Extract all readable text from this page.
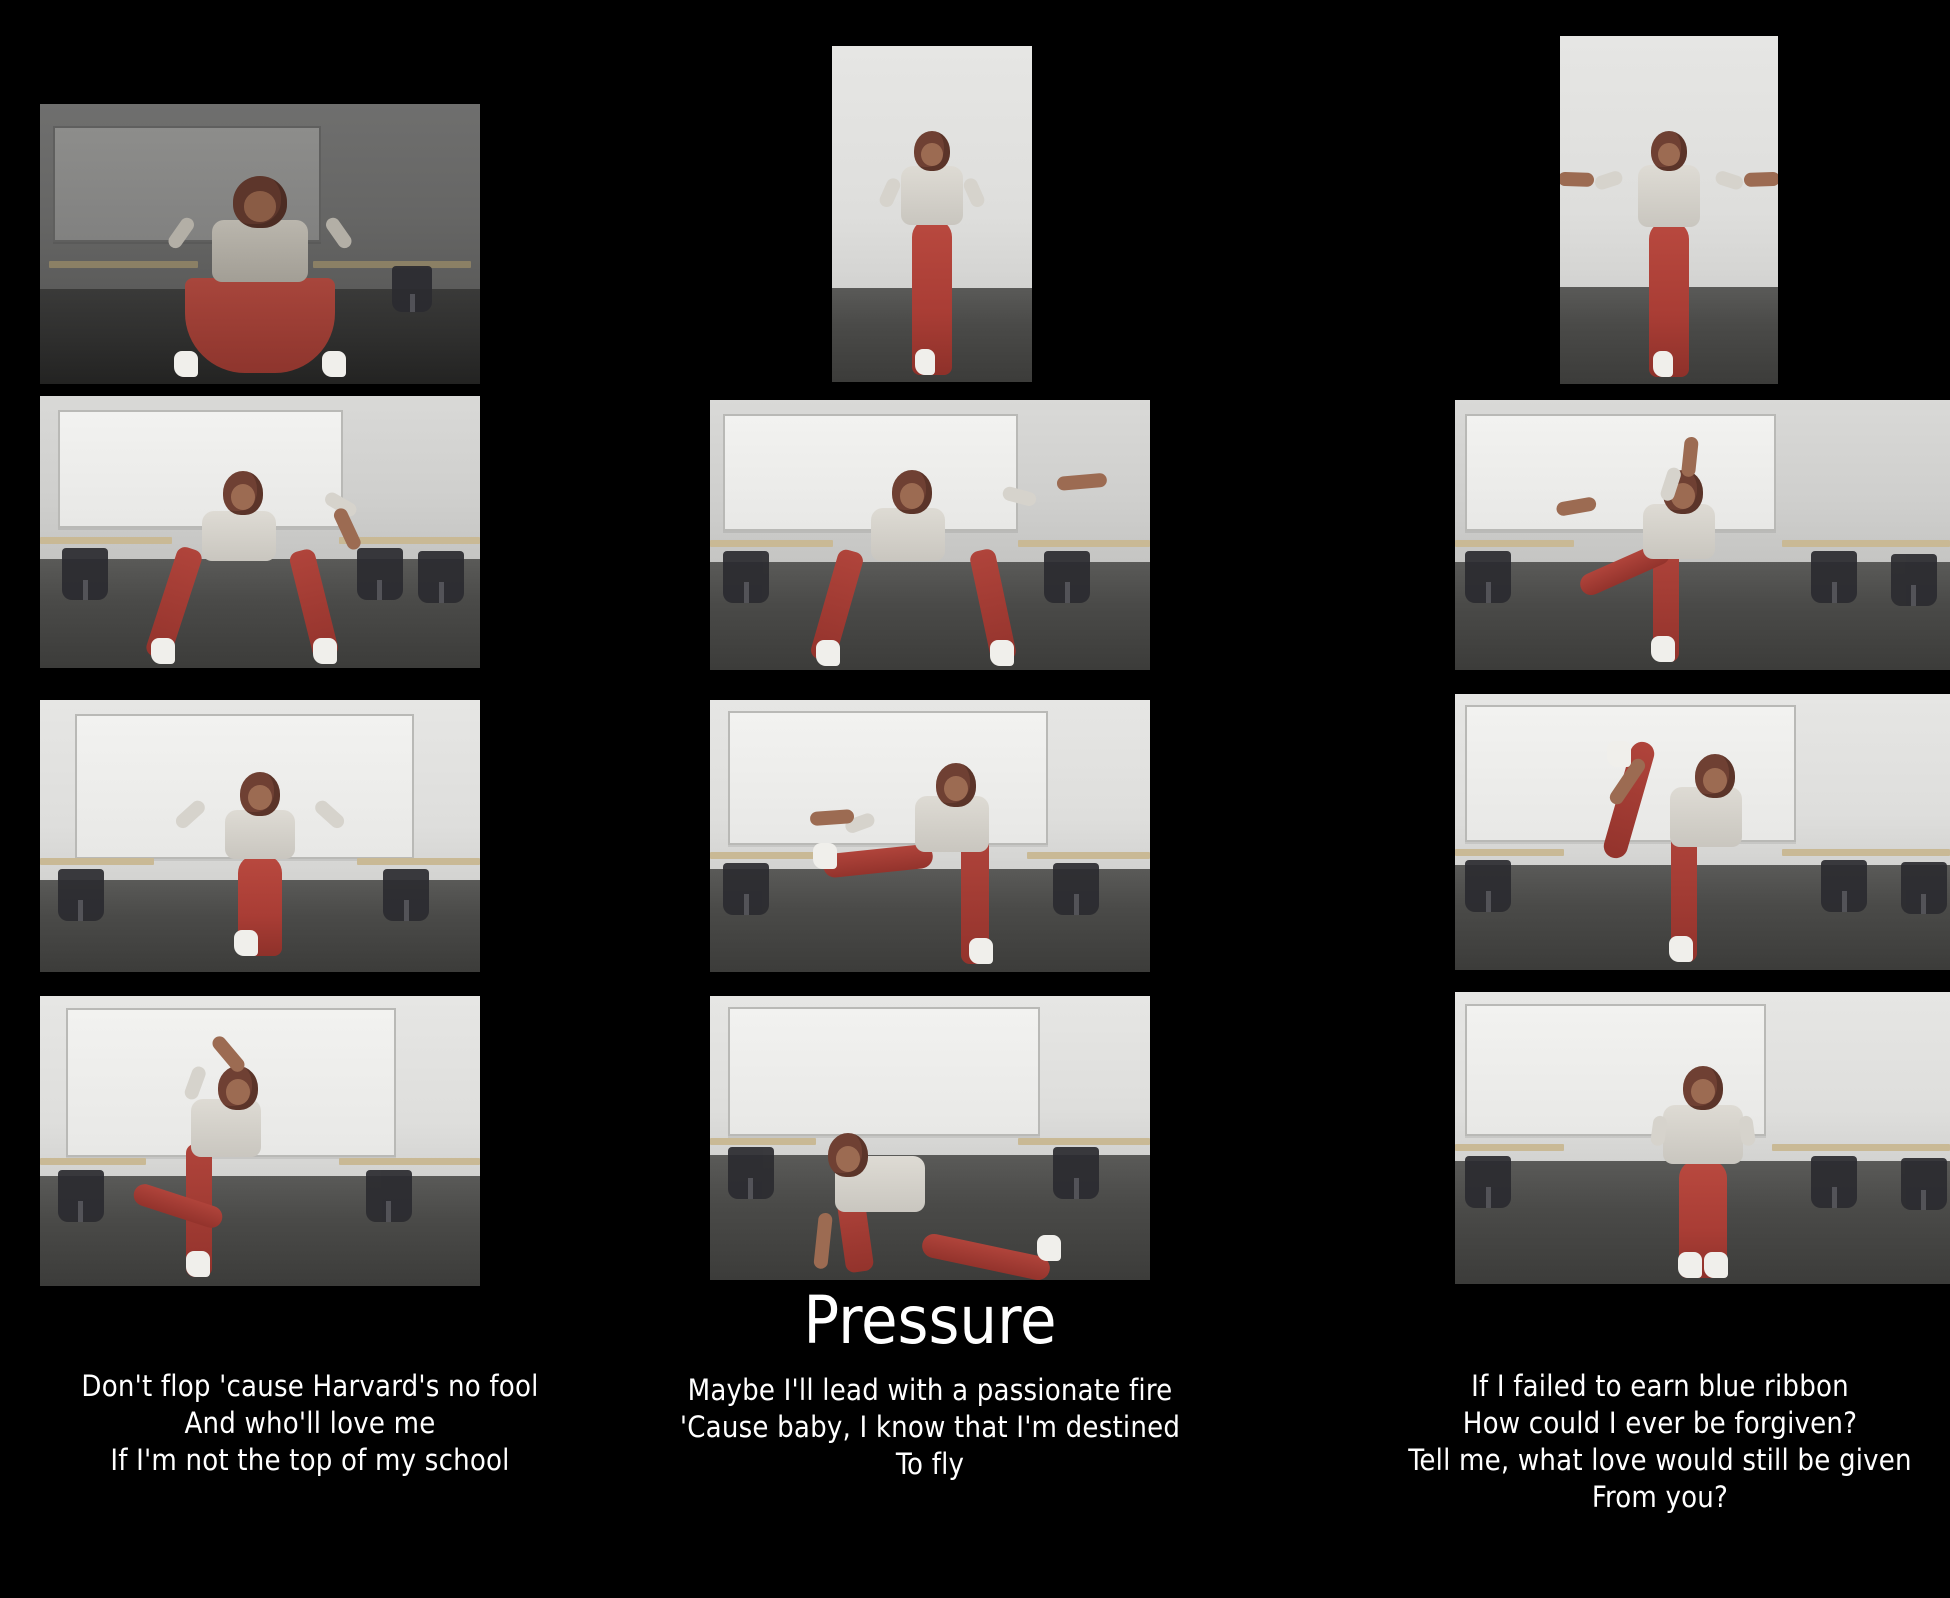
Don't flop 'cause Harvard's no fool
And who'll love me
If I'm not the top of my school
Pressure
Maybe I'll lead with a passionate fire
'Cause baby, I know that I'm destined
To fly
If I failed to earn blue ribbon
How could I ever be forgiven?
Tell me, what love would still be given
From you?
